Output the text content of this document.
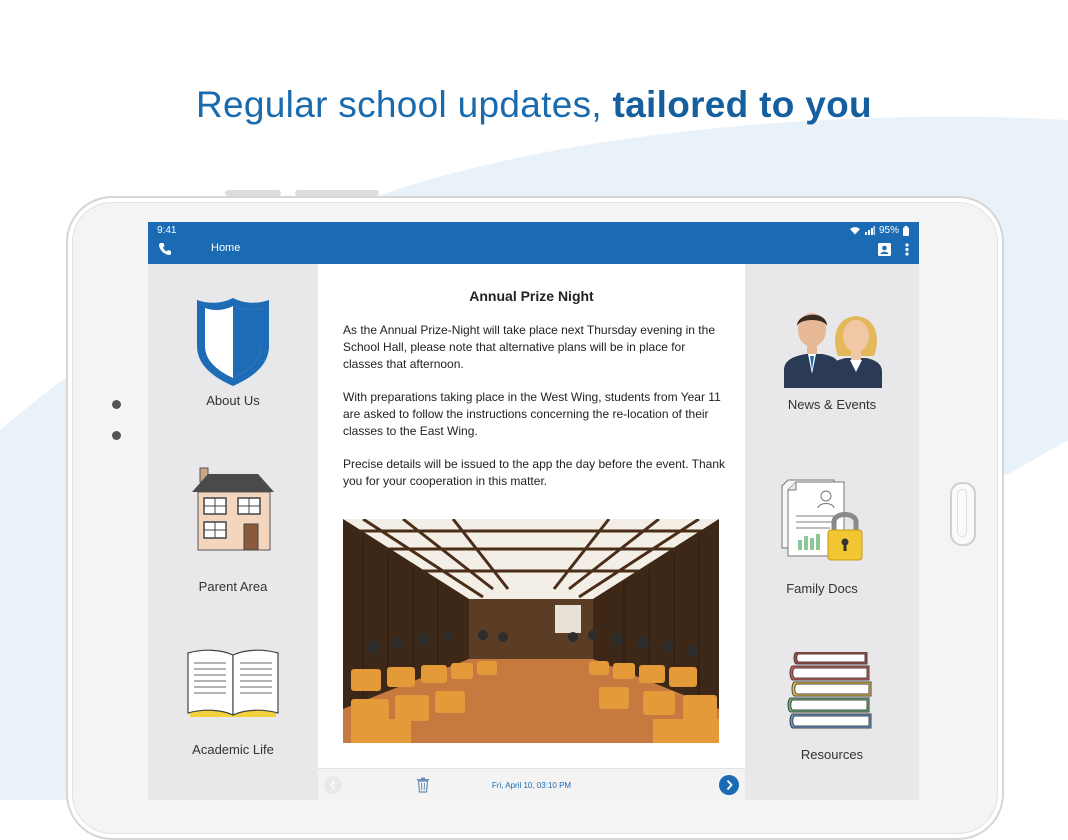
Regular school updates, tailored to you
9:41	95%
Home
About Us
Parent Area
Academic Life
Annual Prize Night

As the Annual Prize-Night will take place next Thursday evening in the School Hall, please note that alternative plans will be in place for classes that afternoon.

With preparations taking place in the West Wing, students from Year 11 are asked to follow the instructions concerning the re-location of their classes to the East Wing.

Precise details will be issued to the app the day before the event. Thank you for your cooperation in this matter.

Fri, April 10, 03:10 PM
News & Events
Family Docs
Resources
